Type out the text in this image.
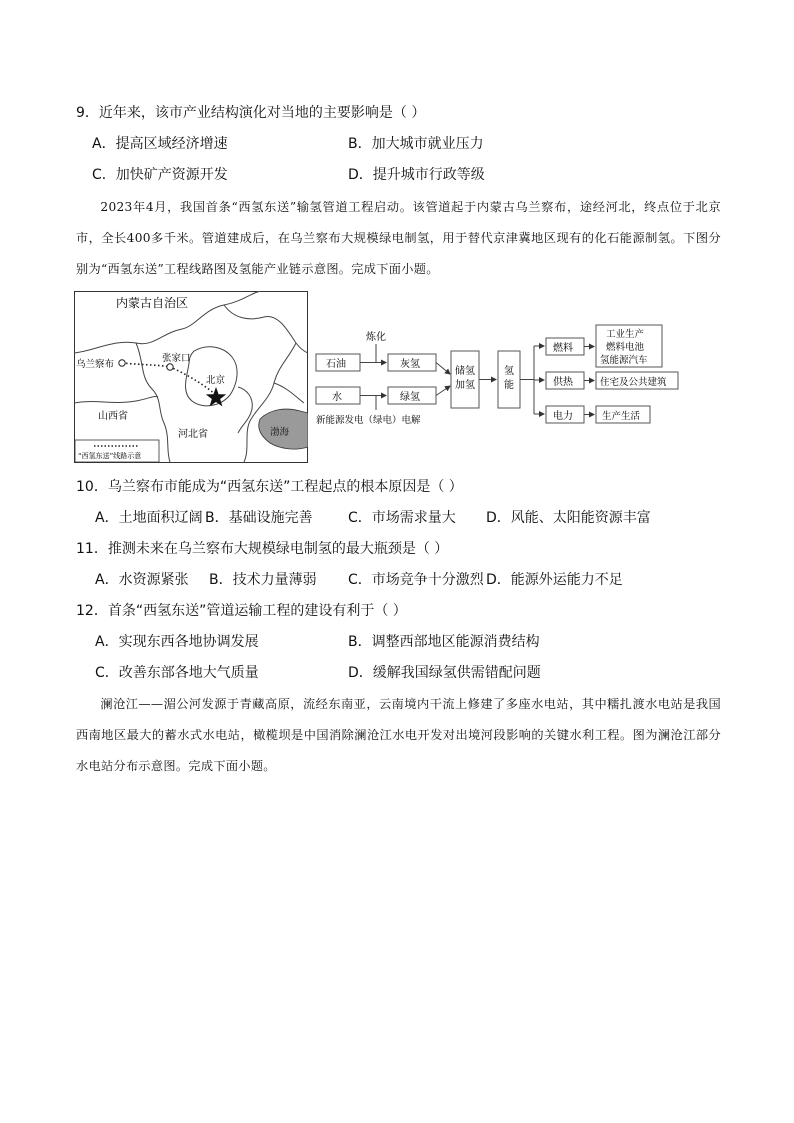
9．近年来，该市产业结构演化对当地的主要影响是（ ）
A．提高区域经济增速	B．加大城市就业压力
C．加快矿产资源开发	D．提升城市行政等级

2023年4月，我国首条“西氢东送”输氢管道工程启动。该管道起于内蒙古乌兰察布，途经河北，终点位于北京市，全长400多千米。管道建成后，在乌兰察布大规模绿电制氢，用于替代京津冀地区现有的化石能源制氢。下图分别为“西氢东送”工程线路图及氢能产业链示意图。完成下面小题。

内蒙古自治区
乌兰察布
张家口
北京
山西省
河北省	渤海
“西氢东送”线路示意
炼化
石油	灰氢
水	绿氢
新能源发电（绿电）电解
储氢
加氢
氢
能
燃料
供热
电力
工业生产
燃料电池
氢能源汽车
住宅及公共建筑
生产生活
10．乌兰察布市能成为“西氢东送”工程起点的根本原因是（ ）
A．土地面积辽阔 B．基础设施完善	C．市场需求量大 D．风能、太阳能资源丰富
11．推测未来在乌兰察布大规模绿电制氢的最大瓶颈是（ ）
A．水资源紧张 B．技术力量薄弱 C．市场竞争十分激烈 D．能源外运能力不足
12．首条“西氢东送”管道运输工程的建设有利于（ ）
A．实现东西各地协调发展	B．调整西部地区能源消费结构
C．改善东部各地大气质量	D．缓解我国绿氢供需错配问题

澜沧江——湄公河发源于青藏高原，流经东南亚，云南境内干流上修建了多座水电站，其中糯扎渡水电站是我国西南地区最大的蓄水式水电站，橄榄坝是中国消除澜沧江水电开发对出境河段影响的关键水利工程。图为澜沧江部分水电站分布示意图。完成下面小题。
